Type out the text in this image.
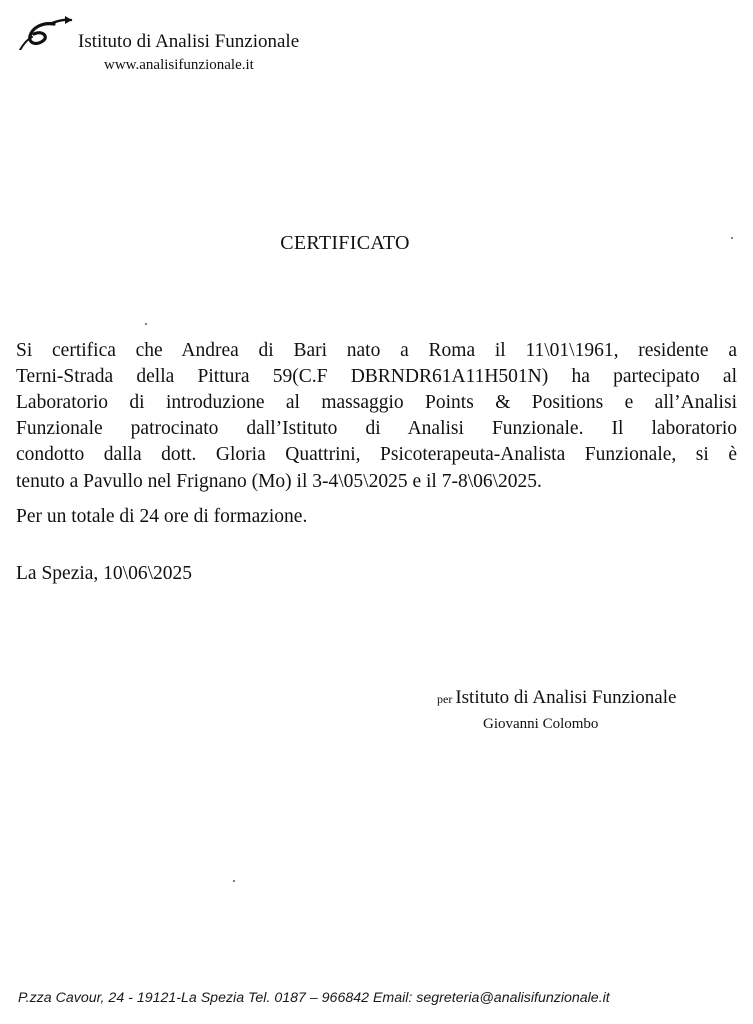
Istituto di Analisi Funzionale
www.analisifunzionale.it
CERTIFICATO
Si certifica che Andrea di Bari nato a Roma il 11\01\1961, residente a
Terni-Strada della Pittura 59(C.F DBRNDR61A11H501N) ha partecipato al
Laboratorio di introduzione al massaggio Points & Positions e all’Analisi
Funzionale patrocinato dall’Istituto di Analisi Funzionale. Il laboratorio
condotto dalla dott. Gloria Quattrini, Psicoterapeuta-Analista Funzionale, si è
tenuto a Pavullo nel Frignano (Mo) il 3-4\05\2025 e il 7-8\06\2025.
Per un totale di 24 ore di formazione.
La Spezia, 10\06\2025
per Istituto di Analisi Funzionale
Giovanni Colombo
P.zza Cavour, 24 - 19121-La Spezia Tel. 0187 – 966842 Email: segreteria@analisifunzionale.it
